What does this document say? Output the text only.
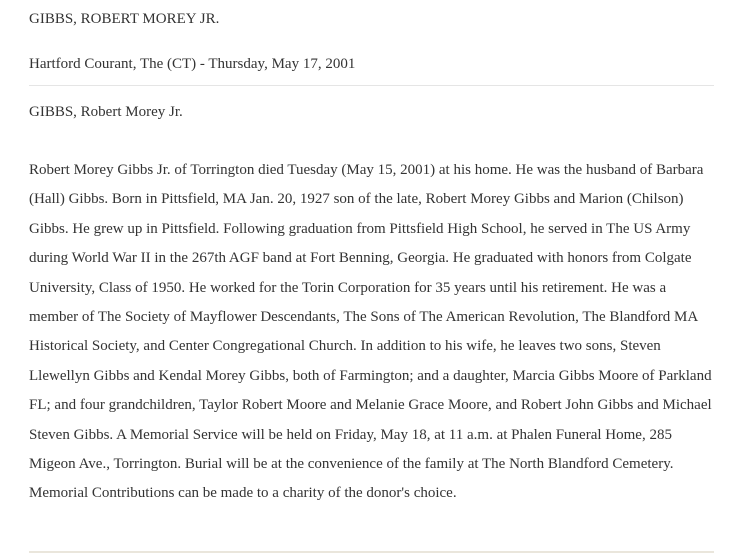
GIBBS, ROBERT MOREY JR.
Hartford Courant, The (CT) - Thursday, May 17, 2001
GIBBS, Robert Morey Jr.

Robert Morey Gibbs Jr. of Torrington died Tuesday (May 15, 2001) at his home. He was the husband of Barbara (Hall) Gibbs. Born in Pittsfield, MA Jan. 20, 1927 son of the late, Robert Morey Gibbs and Marion (Chilson) Gibbs. He grew up in Pittsfield. Following graduation from Pittsfield High School, he served in The US Army during World War II in the 267th AGF band at Fort Benning, Georgia. He graduated with honors from Colgate University, Class of 1950. He worked for the Torin Corporation for 35 years until his retirement. He was a member of The Society of Mayflower Descendants, The Sons of The American Revolution, The Blandford MA Historical Society, and Center Congregational Church. In addition to his wife, he leaves two sons, Steven Llewellyn Gibbs and Kendal Morey Gibbs, both of Farmington; and a daughter, Marcia Gibbs Moore of Parkland FL; and four grandchildren, Taylor Robert Moore and Melanie Grace Moore, and Robert John Gibbs and Michael Steven Gibbs. A Memorial Service will be held on Friday, May 18, at 11 a.m. at Phalen Funeral Home, 285 Migeon Ave., Torrington. Burial will be at the convenience of the family at The North Blandford Cemetery. Memorial Contributions can be made to a charity of the donor's choice.
